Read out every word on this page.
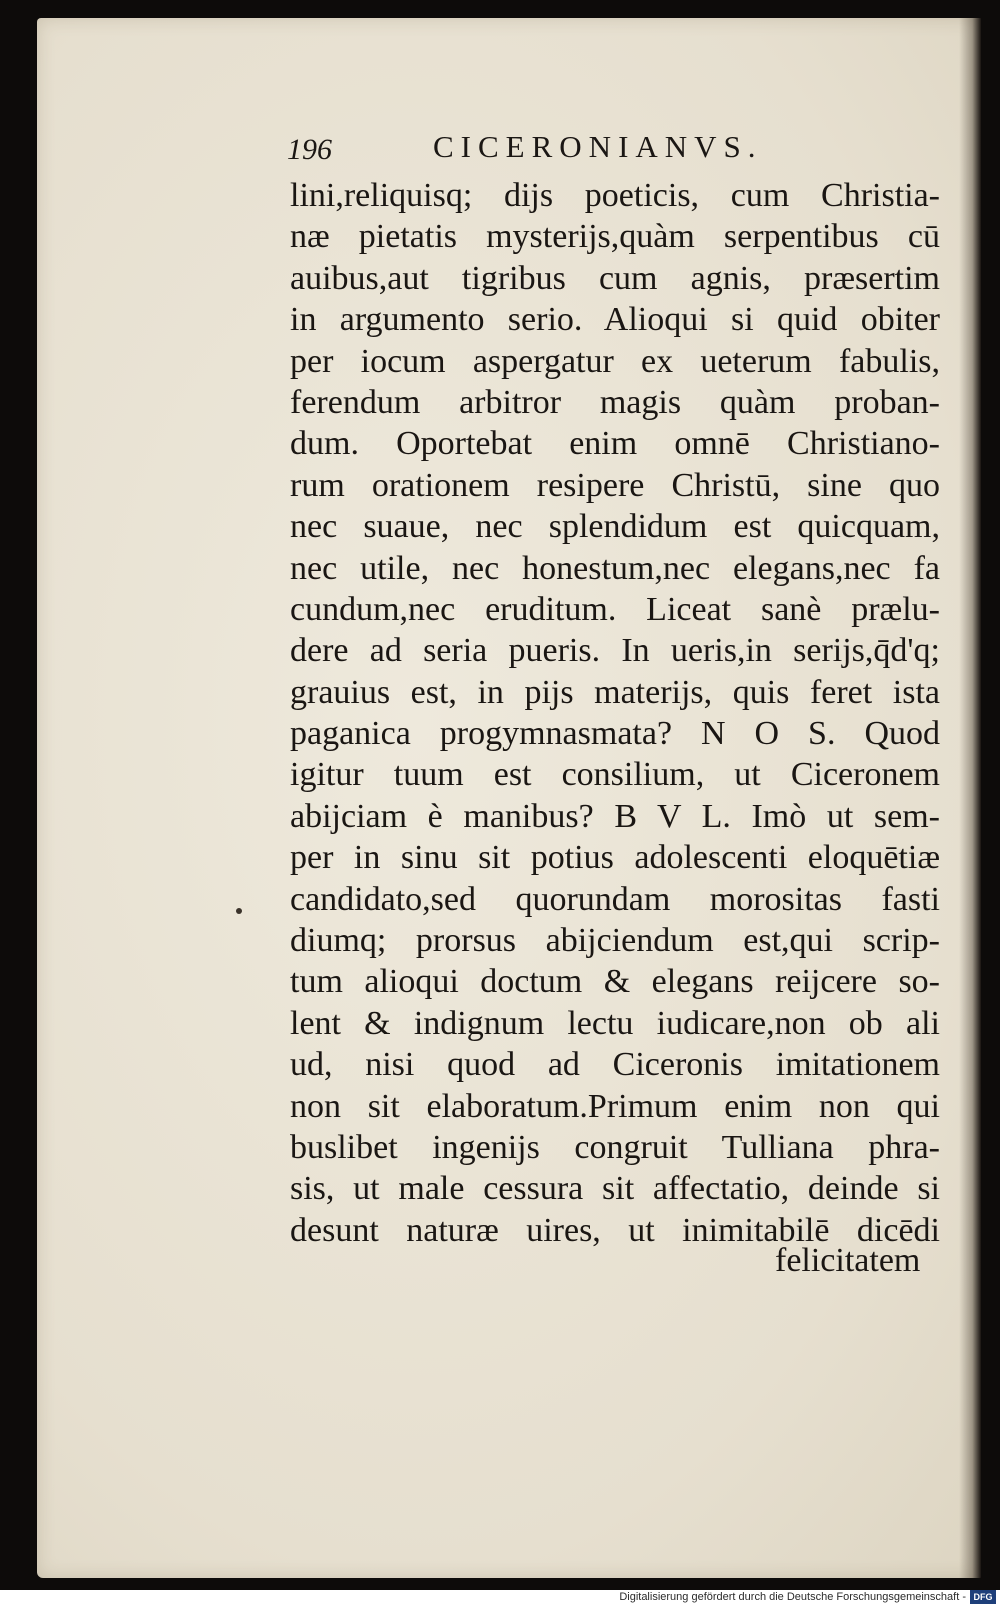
196	CICERONIANVS.
lini,reliquisq; dijs poeticis, cum Christia-
næ pietatis mysterijs,quàm serpentibus cū
auibus,aut tigribus cum agnis, præsertim
in argumento serio. Alioqui si quid obiter
per iocum aspergatur ex ueterum fabulis,
ferendum arbitror magis quàm proban-
dum. Oportebat enim omnē Christiano-
rum orationem resipere Christū, sine quo
nec suaue, nec splendidum est quicquam,
nec utile, nec honestum,nec elegans,nec fa
cundum,nec eruditum. Liceat sanè prælu-
dere ad seria pueris. In ueris,in serijs,q̄d'q;
grauius est, in pijs materijs, quis feret ista
paganica progymnasmata? N O S. Quod
igitur tuum est consilium, ut Ciceronem
abijciam è manibus? B V L. Imò ut sem-
per in sinu sit potius adolescenti eloquētiæ
candidato,sed quorundam morositas fasti
diumq; prorsus abijciendum est,qui scrip-
tum alioqui doctum & elegans reijcere so-
lent & indignum lectu iudicare,non ob ali
ud, nisi quod ad Ciceronis imitationem
non sit elaboratum.Primum enim non qui
buslibet ingenijs congruit Tulliana phra-
sis, ut male cessura sit affectatio, deinde si
desunt naturæ uires, ut inimitabilē dicēdi
felicitatem
Digitalisierung gefördert durch die Deutsche Forschungsgemeinschaft - DFG
